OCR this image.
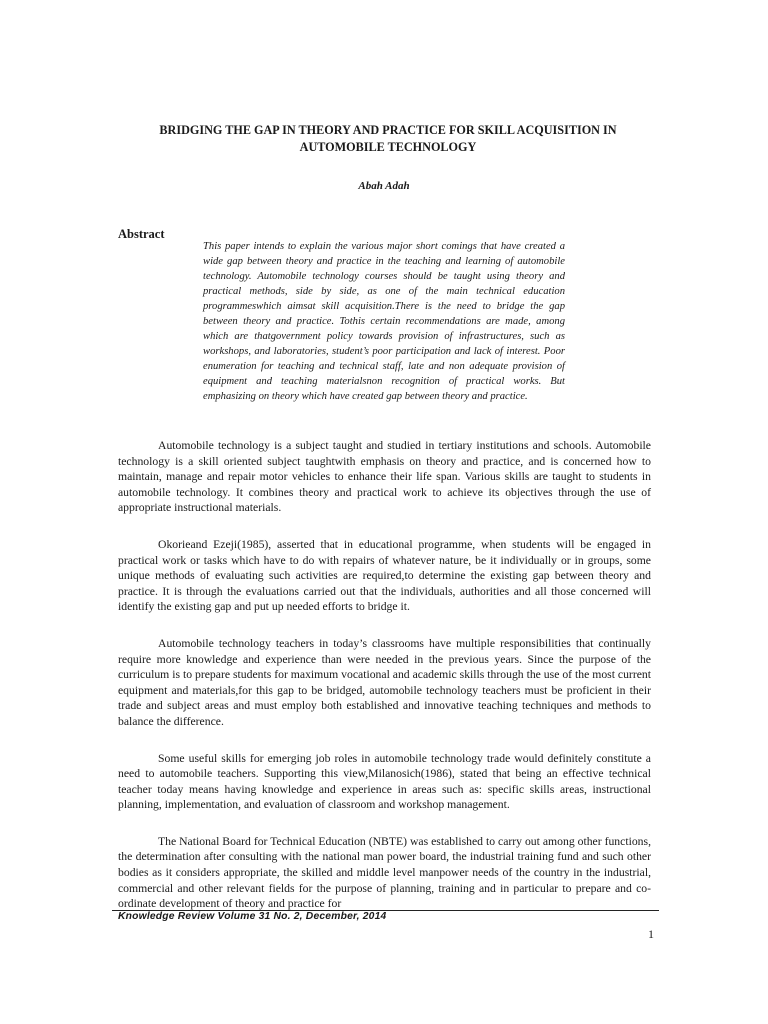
BRIDGING THE GAP IN THEORY AND PRACTICE FOR SKILL ACQUISITION IN AUTOMOBILE TECHNOLOGY
Abah Adah
Abstract

This paper intends to explain the various major short comings that have created a wide gap between theory and practice in the teaching and learning of automobile technology. Automobile technology courses should be taught using theory and practical methods, side by side, as one of the main technical education programmeswhich aimsat skill acquisition.There is the need to bridge the gap between theory and practice. Tothis certain recommendations are made, among which are thatgovernment policy towards provision of infrastructures, such as workshops, and laboratories, student’s poor participation and lack of interest. Poor enumeration for teaching and technical staff, late and non adequate provision of equipment and teaching materialsnon recognition of practical works. But emphasizing on theory which have created gap between theory and practice.

Automobile technology is a subject taught and studied in tertiary institutions and schools. Automobile technology is a skill oriented subject taughtwith emphasis on theory and practice, and is concerned how to maintain, manage and repair motor vehicles to enhance their life span. Various skills are taught to students in automobile technology. It combines theory and practical work to achieve its objectives through the use of appropriate instructional materials.

Okorieand Ezeji(1985), asserted that in educational programme, when students will be engaged in practical work or tasks which have to do with repairs of whatever nature, be it individually or in groups, some unique methods of evaluating such activities are required,to determine the existing gap between theory and practice. It is through the evaluations carried out that the individuals, authorities and all those concerned will identify the existing gap and put up needed efforts to bridge it.

Automobile technology teachers in today’s classrooms have multiple responsibilities that continually require more knowledge and experience than were needed in the previous years. Since the purpose of the curriculum is to prepare students for maximum vocational and academic skills through the use of the most current equipment and materials,for this gap to be bridged, automobile technology teachers must be proficient in their trade and subject areas and must employ both established and innovative teaching techniques and methods to balance the difference.

Some useful skills for emerging job roles in automobile technology trade would definitely constitute a need to automobile teachers. Supporting this view,Milanosich(1986), stated that being an effective technical teacher today means having knowledge and experience in areas such as: specific skills areas, instructional planning, implementation, and evaluation of classroom and workshop management.

The National Board for Technical Education (NBTE) was established to carry out among other functions, the determination after consulting with the national man power board, the industrial training fund and such other bodies as it considers appropriate, the skilled and middle level manpower needs of the country in the industrial, commercial and other relevant fields for the purpose of planning, training and in particular to prepare and co-ordinate development of theory and practice for

Knowledge Review Volume 31 No. 2, December, 2014
1
